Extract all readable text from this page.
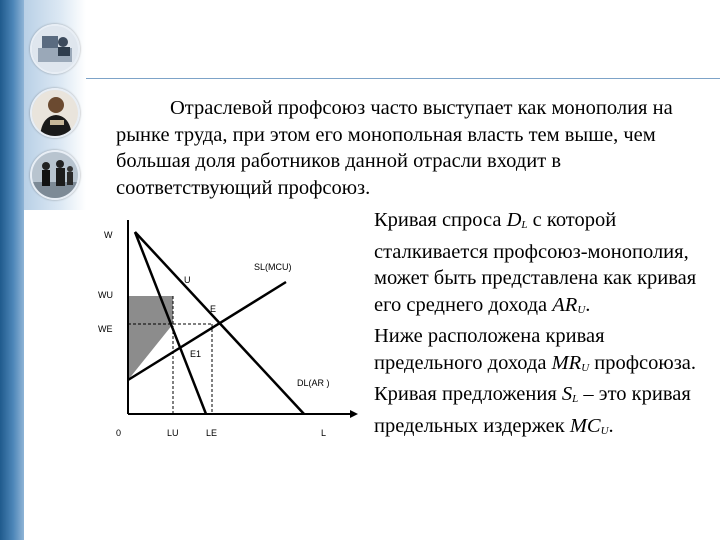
Отраслевой профсоюз часто выступает как монополия на рынке труда, при этом его монопольная власть тем выше, чем большая доля работников данной отрасли входит в соответствующий профсоюз.
Кривая спроса $D_L$ с которой сталкивается профсоюз-монополия, может быть представлена как кривая его среднего дохода $AR_U$.
Ниже расположена кривая предельного дохода $MR_U$ профсоюза. Кривая предложения $S_L$ – это кривая предельных издержек $MC_U$.
W
WU
WE
0	LU	LE	L
SL(MCU)
DL(AR )
U
E
E1
